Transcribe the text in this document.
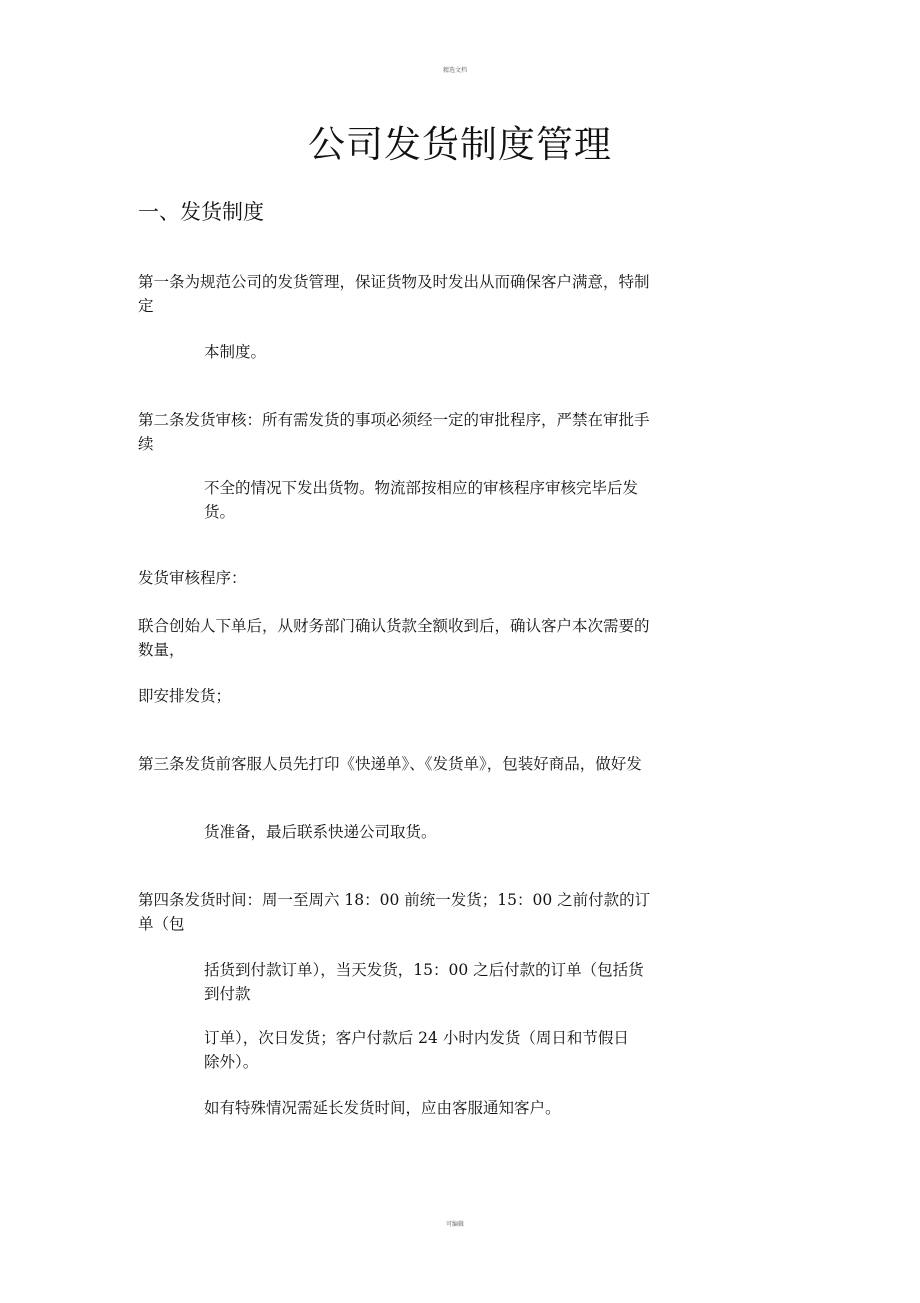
精选文档
公司发货制度管理
一、发货制度
第一条为规范公司的发货管理，保证货物及时发出从而确保客户满意，特制定
本制度。
第二条发货审核：所有需发货的事项必须经一定的审批程序，严禁在审批手续
不全的情况下发出货物。物流部按相应的审核程序审核完毕后发货。
发货审核程序：
联合创始人下单后，从财务部门确认货款全额收到后，确认客户本次需要的数量，
即安排发货；
第三条发货前客服人员先打印《快递单》、《发货单》，包装好商品，做好发
货准备，最后联系快递公司取货。
第四条发货时间：周一至周六 18：00 前统一发货；15：00 之前付款的订单（包
括货到付款订单），当天发货，15：00 之后付款的订单（包括货到付款
订单），次日发货；客户付款后 24 小时内发货（周日和节假日除外）。
如有特殊情况需延长发货时间，应由客服通知客户。
可编辑
